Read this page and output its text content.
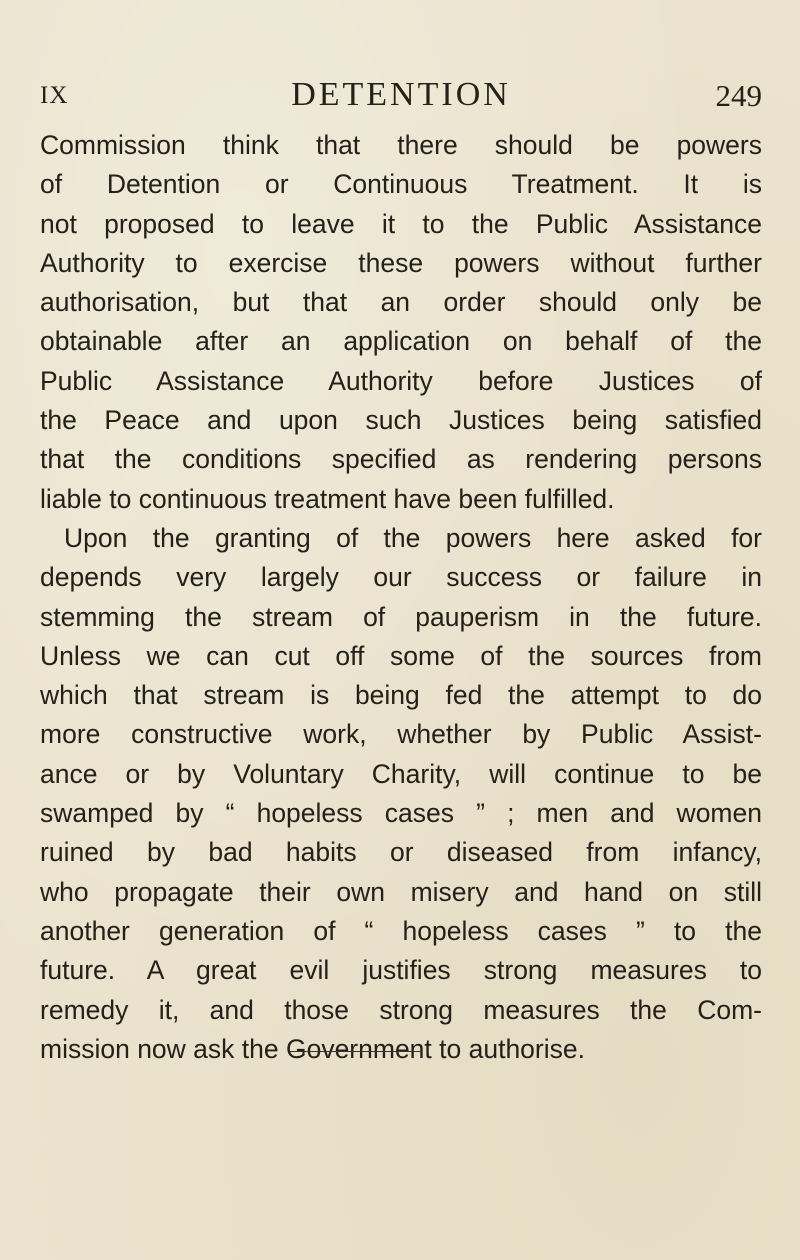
IX	DETENTION	249
Commission think that there should be powers
of Detention or Continuous Treatment. It is
not proposed to leave it to the Public Assistance
Authority to exercise these powers without further
authorisation, but that an order should only be
obtainable after an application on behalf of the
Public Assistance Authority before Justices of
the Peace and upon such Justices being satisfied
that the conditions specified as rendering persons
liable to continuous treatment have been fulfilled.
Upon the granting of the powers here asked for
depends very largely our success or failure in
stemming the stream of pauperism in the future.
Unless we can cut off some of the sources from
which that stream is being fed the attempt to do
more constructive work, whether by Public Assist-
ance or by Voluntary Charity, will continue to be
swamped by “ hopeless cases ” ; men and women
ruined by bad habits or diseased from infancy,
who propagate their own misery and hand on still
another generation of “ hopeless cases ” to the
future. A great evil justifies strong measures to
remedy it, and those strong measures the Com-
mission now ask the Government to authorise.
